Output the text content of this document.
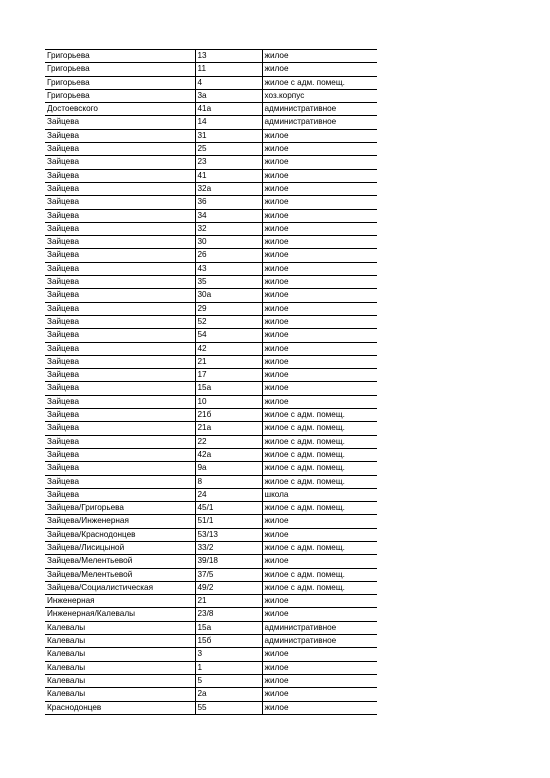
Григорьева	13	жилое
Григорьева	11	жилое
Григорьева	4	жилое с адм. помещ.
Григорьева	3а	хоз.корпус
Достоевского	41а	административное
Зайцева	14	административное
Зайцева	31	жилое
Зайцева	25	жилое
Зайцева	23	жилое
Зайцева	41	жилое
Зайцева	32а	жилое
Зайцева	36	жилое
Зайцева	34	жилое
Зайцева	32	жилое
Зайцева	30	жилое
Зайцева	26	жилое
Зайцева	43	жилое
Зайцева	35	жилое
Зайцева	30а	жилое
Зайцева	29	жилое
Зайцева	52	жилое
Зайцева	54	жилое
Зайцева	42	жилое
Зайцева	21	жилое
Зайцева	17	жилое
Зайцева	15а	жилое
Зайцева	10	жилое
Зайцева	21б	жилое с адм. помещ.
Зайцева	21а	жилое с адм. помещ.
Зайцева	22	жилое с адм. помещ.
Зайцева	42а	жилое с адм. помещ.
Зайцева	9а	жилое с адм. помещ.
Зайцева	8	жилое с адм. помещ.
Зайцева	24	школа
Зайцева/Григорьева	45/1	жилое с адм. помещ.
Зайцева/Инженерная	51/1	жилое
Зайцева/Краснодонцев	53/13	жилое
Зайцева/Лисицыной	33/2	жилое с адм. помещ.
Зайцева/Мелентьевой	39/18	жилое
Зайцева/Мелентьевой	37/5	жилое с адм. помещ.
Зайцева/Социалистическая	49/2	жилое с адм. помещ.
Инженерная	21	жилое
Инженерная/Калевалы	23/8	жилое
Калевалы	15а	административное
Калевалы	15б	административное
Калевалы	3	жилое
Калевалы	1	жилое
Калевалы	5	жилое
Калевалы	2а	жилое
Краснодонцев	55	жилое
